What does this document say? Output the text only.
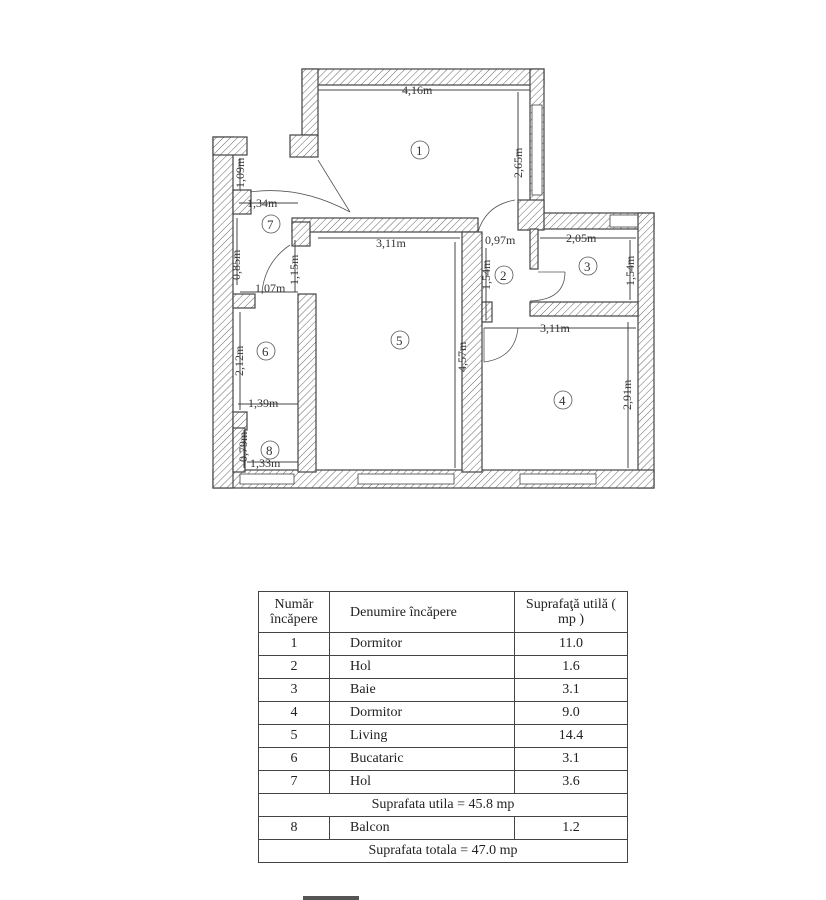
4,16m
2,65m
3,11m
4,57m
0,97m	2,05m
1,54m
1,54m
3,11m
2,91m
1,34m
1,09m
0,85m	1,15m
1,07m
2,12m
1,39m
0,79m
1,33m
1
2
3
4
5
6
7
8
Număr încăpere	Denumire încăpere	Suprafaţă utilă ( mp )
1	Dormitor	11.0
2	Hol	1.6
3	Baie	3.1
4	Dormitor	9.0
5	Living	14.4
6	Bucataric	3.1
7	Hol	3.6
Suprafata utila = 45.8 mp		
8	Balcon	1.2
Suprafata totala = 47.0 mp		
